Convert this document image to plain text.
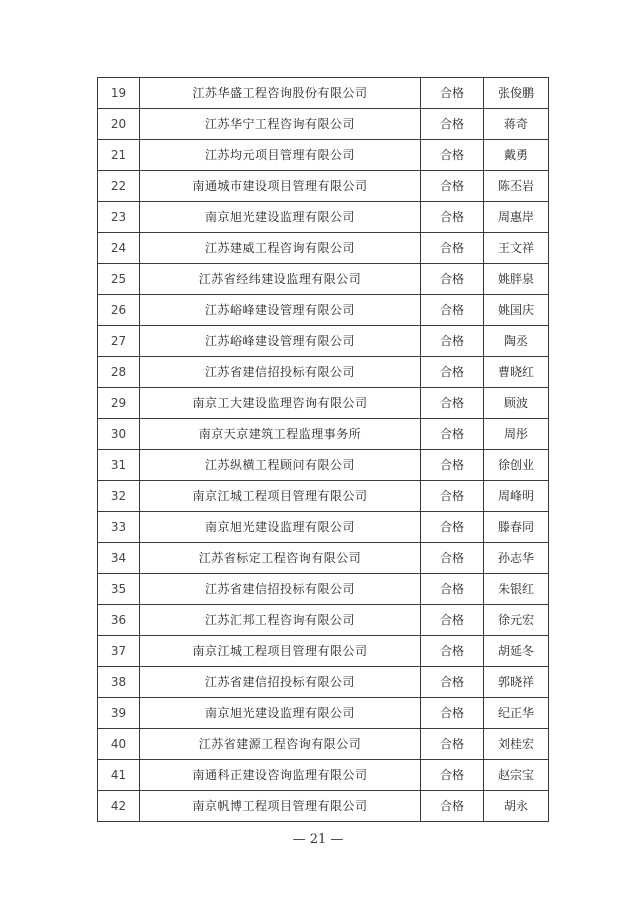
19	江苏华盛工程咨询股份有限公司	合格	张俊鹏
20	江苏华宁工程咨询有限公司	合格	蒋奇
21	江苏均元项目管理有限公司	合格	戴勇
22	南通城市建设项目管理有限公司	合格	陈丕岩
23	南京旭光建设监理有限公司	合格	周惠岸
24	江苏建威工程咨询有限公司	合格	王文祥
25	江苏省经纬建设监理有限公司	合格	姚胖泉
26	江苏峪峰建设管理有限公司	合格	姚国庆
27	江苏峪峰建设管理有限公司	合格	陶丞
28	江苏省建信招投标有限公司	合格	曹晓红
29	南京工大建设监理咨询有限公司	合格	顾波
30	南京天京建筑工程监理事务所	合格	周彤
31	江苏纵横工程顾问有限公司	合格	徐创业
32	南京江城工程项目管理有限公司	合格	周峰明
33	南京旭光建设监理有限公司	合格	滕春同
34	江苏省标定工程咨询有限公司	合格	孙志华
35	江苏省建信招投标有限公司	合格	朱银红
36	江苏汇邦工程咨询有限公司	合格	徐元宏
37	南京江城工程项目管理有限公司	合格	胡延冬
38	江苏省建信招投标有限公司	合格	郭晓祥
39	南京旭光建设监理有限公司	合格	纪正华
40	江苏省建源工程咨询有限公司	合格	刘桂宏
41	南通科正建设咨询监理有限公司	合格	赵宗宝
42	南京帆博工程项目管理有限公司	合格	胡永
— 21 —
